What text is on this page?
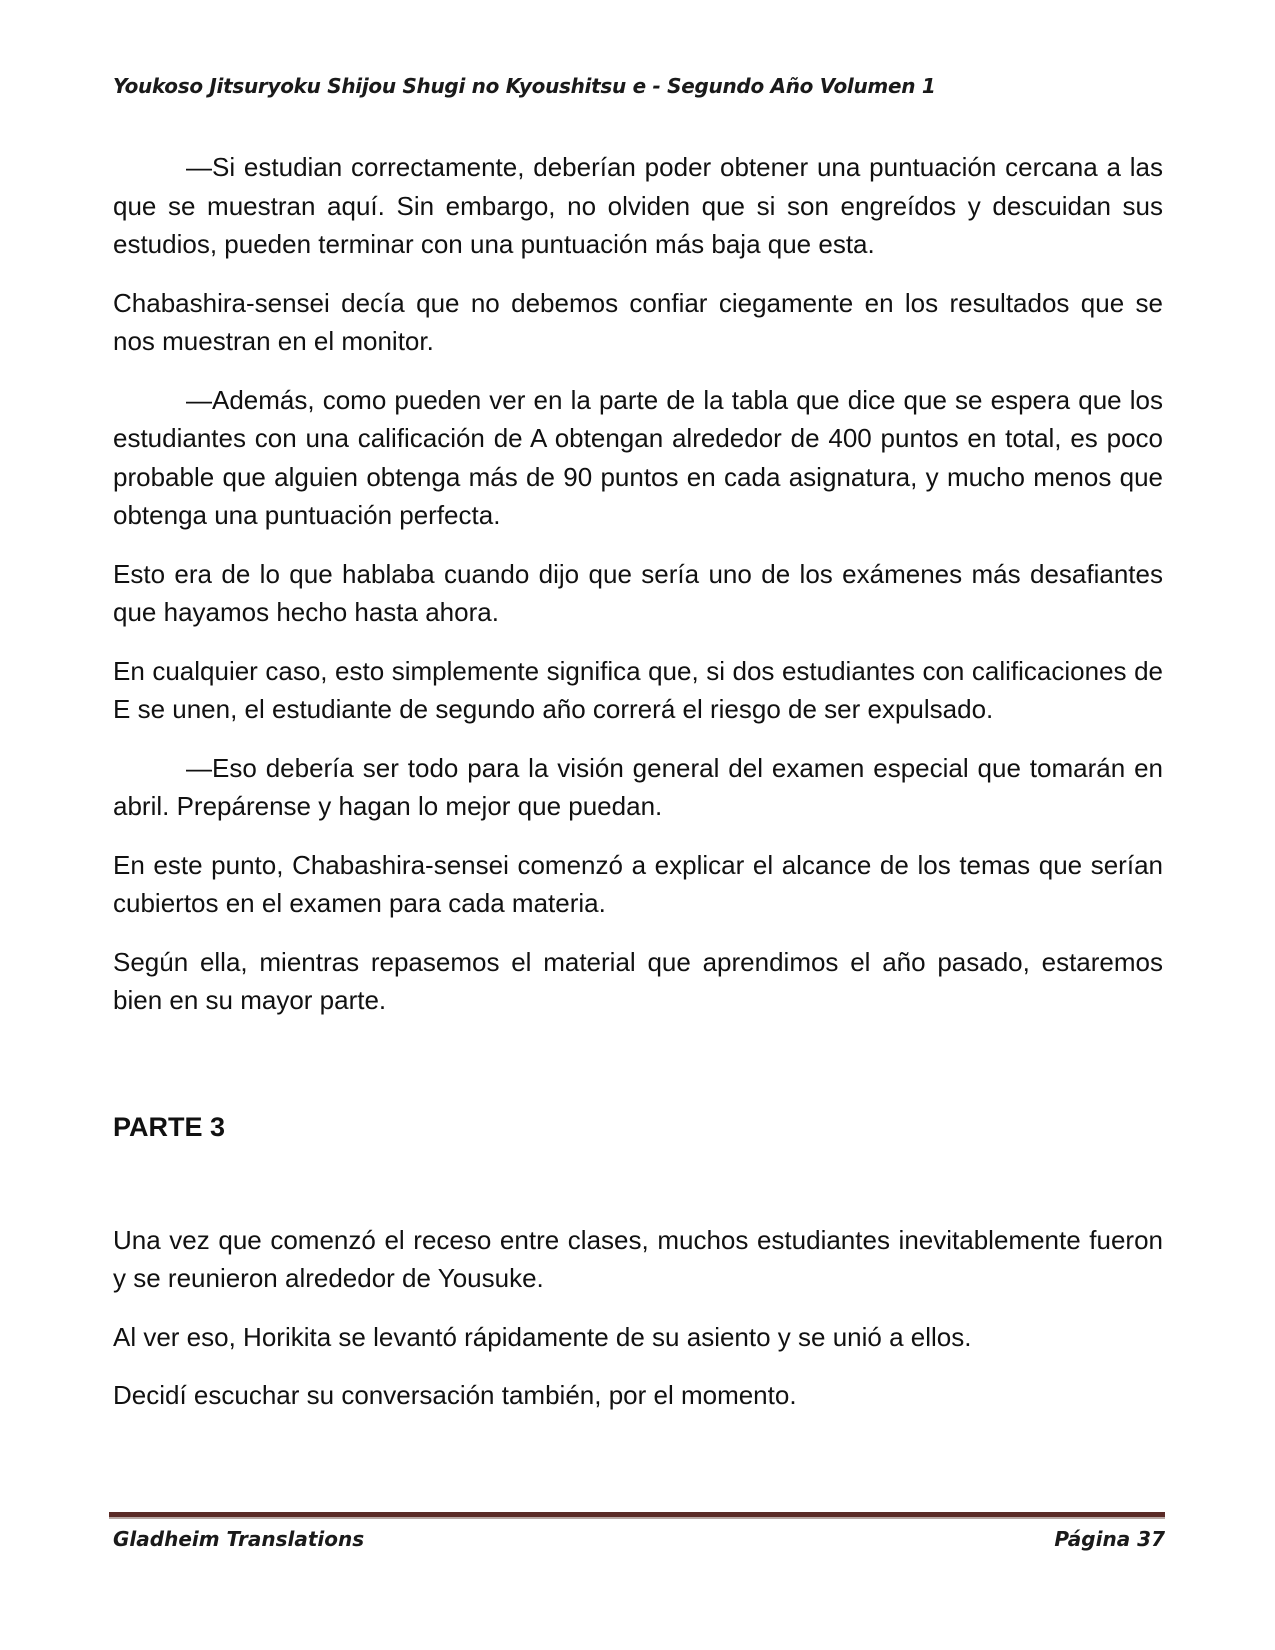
Youkoso Jitsuryoku Shijou Shugi no Kyoushitsu e - Segundo Año Volumen 1

—Si estudian correctamente, deberían poder obtener una puntuación cercana a las que se muestran aquí. Sin embargo, no olviden que si son engreídos y descuidan sus estudios, pueden terminar con una puntuación más baja que esta.

Chabashira-sensei decía que no debemos confiar ciegamente en los resultados que se nos muestran en el monitor.

—Además, como pueden ver en la parte de la tabla que dice que se espera que los estudiantes con una calificación de A obtengan alrededor de 400 puntos en total, es poco probable que alguien obtenga más de 90 puntos en cada asignatura, y mucho menos que obtenga una puntuación perfecta.

Esto era de lo que hablaba cuando dijo que sería uno de los exámenes más desafiantes que hayamos hecho hasta ahora.

En cualquier caso, esto simplemente significa que, si dos estudiantes con calificaciones de E se unen, el estudiante de segundo año correrá el riesgo de ser expulsado.

—Eso debería ser todo para la visión general del examen especial que tomarán en abril. Prepárense y hagan lo mejor que puedan.

En este punto, Chabashira-sensei comenzó a explicar el alcance de los temas que serían cubiertos en el examen para cada materia.

Según ella, mientras repasemos el material que aprendimos el año pasado, estaremos bien en su mayor parte.

PARTE 3

Una vez que comenzó el receso entre clases, muchos estudiantes inevitablemente fueron y se reunieron alrededor de Yousuke.

Al ver eso, Horikita se levantó rápidamente de su asiento y se unió a ellos.

Decidí escuchar su conversación también, por el momento.

Gladheim Translations	Página 37
